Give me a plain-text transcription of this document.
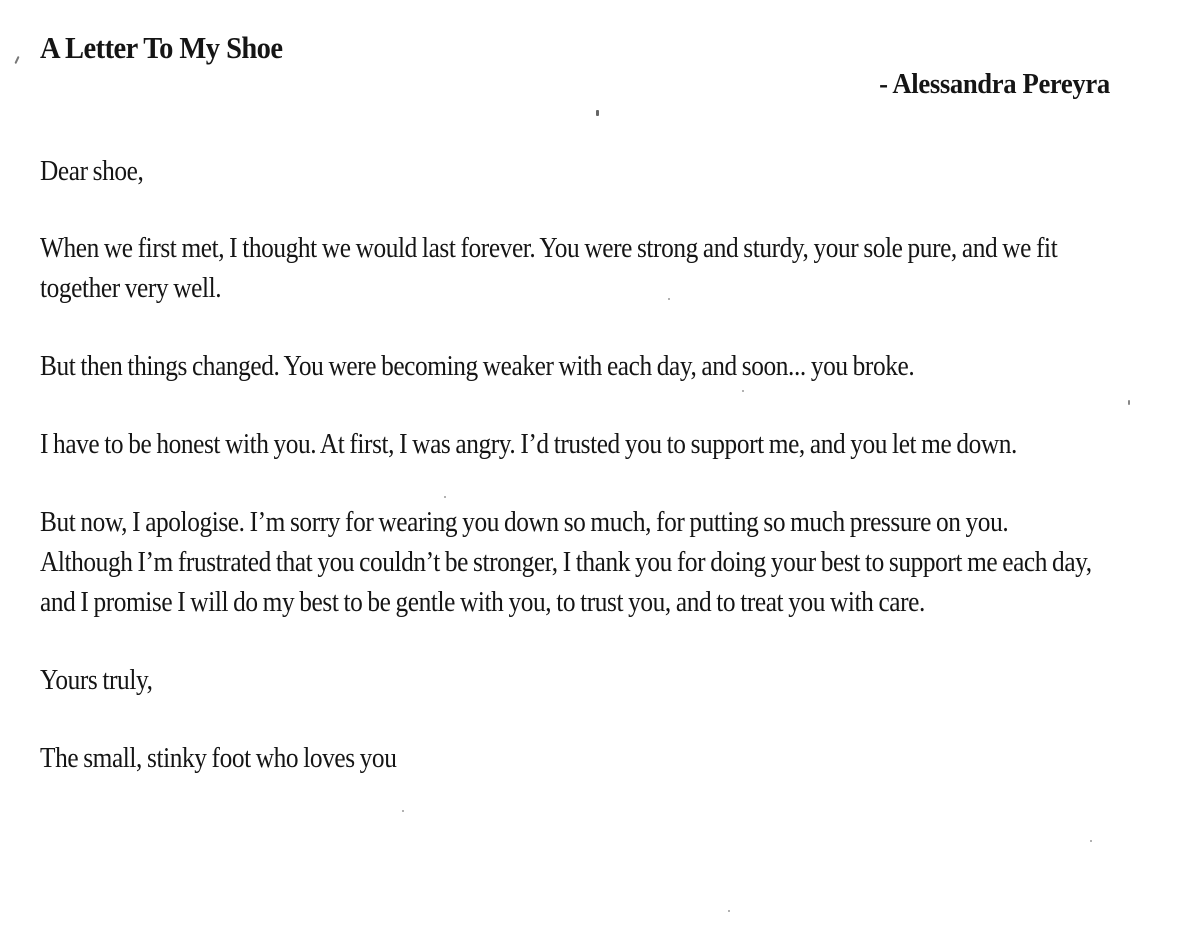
A Letter To My Shoe
- Alessandra Pereyra

Dear shoe,

When we first met, I thought we would last forever. You were strong and sturdy, your sole pure, and we fit together very well.

But then things changed. You were becoming weaker with each day, and soon... you broke.

I have to be honest with you. At first, I was angry. I’d trusted you to support me, and you let me down.

But now, I apologise. I’m sorry for wearing you down so much, for putting so much pressure on you. Although I’m frustrated that you couldn’t be stronger, I thank you for doing your best to support me each day, and I promise I will do my best to be gentle with you, to trust you, and to treat you with care.

Yours truly,

The small, stinky foot who loves you
